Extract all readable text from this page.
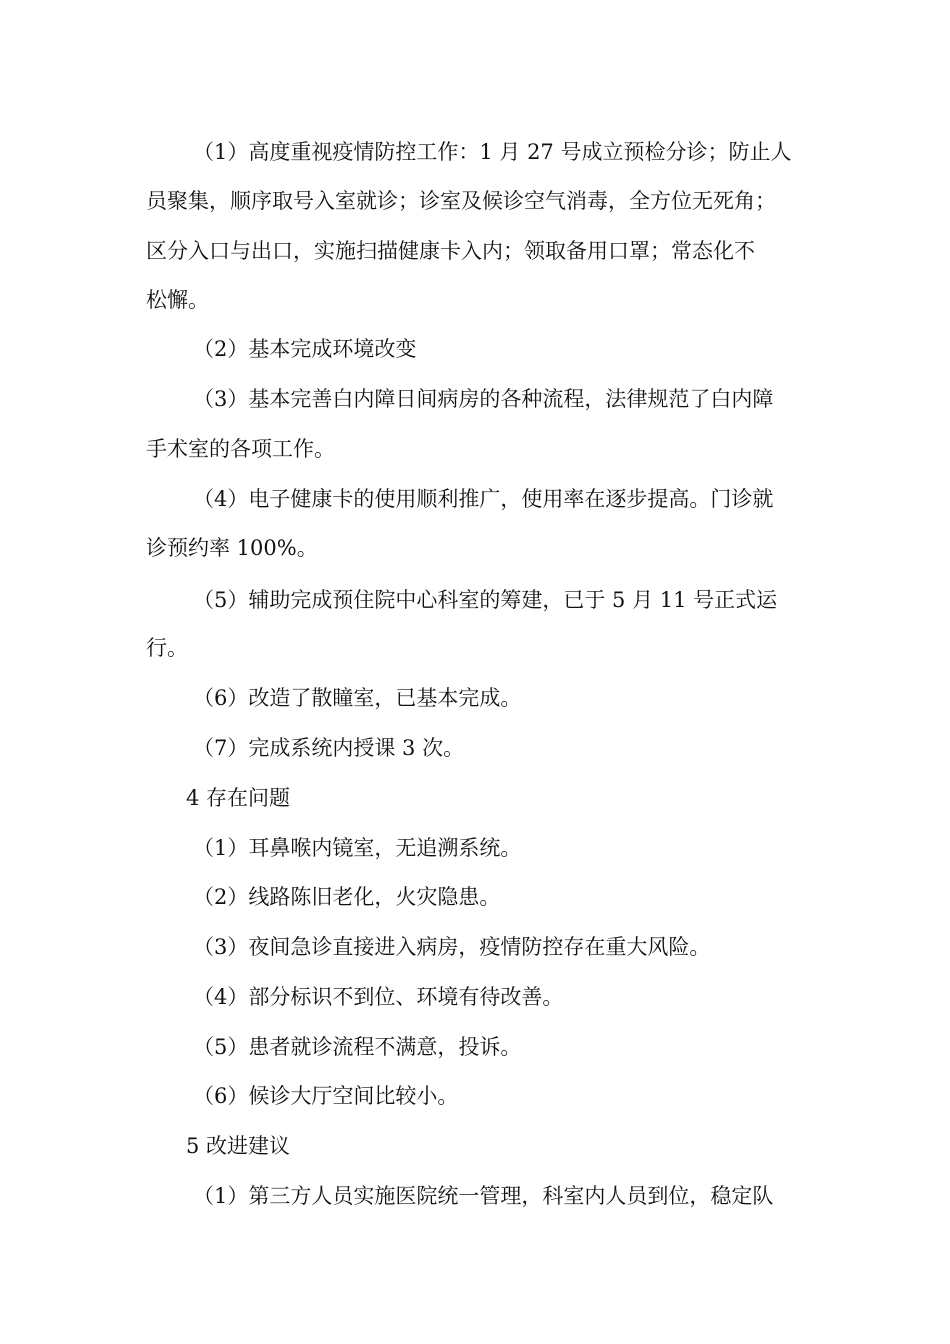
（1）高度重视疫情防控工作：1 月 27 号成立预检分诊；防止人

员聚集，顺序取号入室就诊；诊室及候诊空气消毒，全方位无死角；

区分入口与出口，实施扫描健康卡入内；领取备用口罩；常态化不

松懈。

（2）基本完成环境改变

（3）基本完善白内障日间病房的各种流程，法律规范了白内障

手术室的各项工作。

（4）电子健康卡的使用顺利推广，使用率在逐步提高。门诊就

诊预约率 100%。

（5）辅助完成预住院中心科室的筹建，已于 5 月 11 号正式运

行。

（6）改造了散瞳室，已基本完成。

（7）完成系统内授课 3 次。

4 存在问题

（1）耳鼻喉内镜室，无追溯系统。

（2）线路陈旧老化，火灾隐患。

（3）夜间急诊直接进入病房，疫情防控存在重大风险。

（4）部分标识不到位、环境有待改善。

（5）患者就诊流程不满意，投诉。

（6）候诊大厅空间比较小。

5 改进建议

（1）第三方人员实施医院统一管理，科室内人员到位，稳定队
